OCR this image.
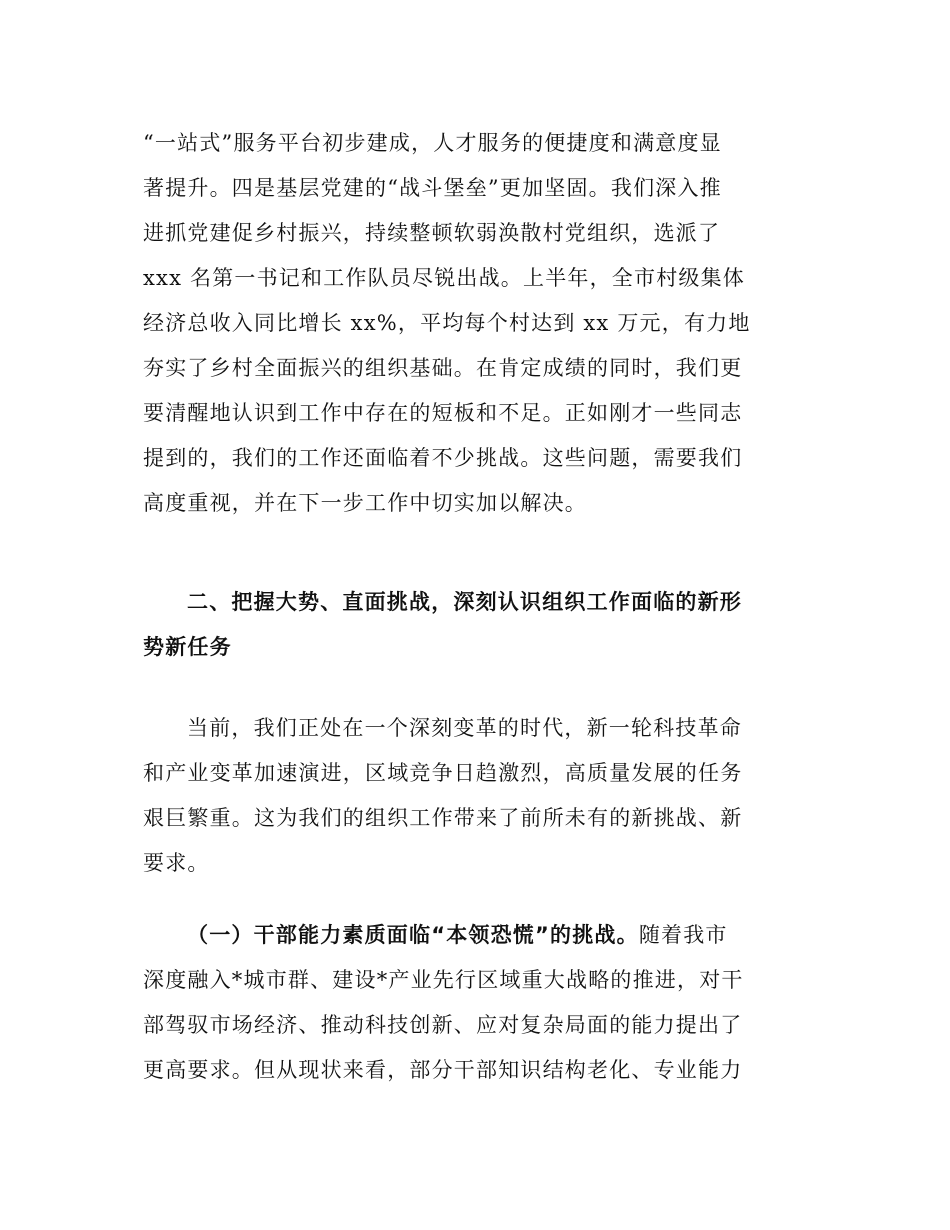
“一站式”服务平台初步建成，人才服务的便捷度和满意度显
著提升。四是基层党建的“战斗堡垒”更加坚固。我们深入推
进抓党建促乡村振兴，持续整顿软弱涣散村党组织，选派了
xxx 名第一书记和工作队员尽锐出战。上半年，全市村级集体
经济总收入同比增长 xx%，平均每个村达到 xx 万元，有力地
夯实了乡村全面振兴的组织基础。在肯定成绩的同时，我们更
要清醒地认识到工作中存在的短板和不足。正如刚才一些同志
提到的，我们的工作还面临着不少挑战。这些问题，需要我们
高度重视，并在下一步工作中切实加以解决。
二、把握大势、直面挑战，深刻认识组织工作面临的新形
势新任务
当前，我们正处在一个深刻变革的时代，新一轮科技革命
和产业变革加速演进，区域竞争日趋激烈，高质量发展的任务
艰巨繁重。这为我们的组织工作带来了前所未有的新挑战、新
要求。
（一）干部能力素质面临“本领恐慌”的挑战。随着我市
深度融入*城市群、建设*产业先行区域重大战略的推进，对干
部驾驭市场经济、推动科技创新、应对复杂局面的能力提出了
更高要求。但从现状来看，部分干部知识结构老化、专业能力
